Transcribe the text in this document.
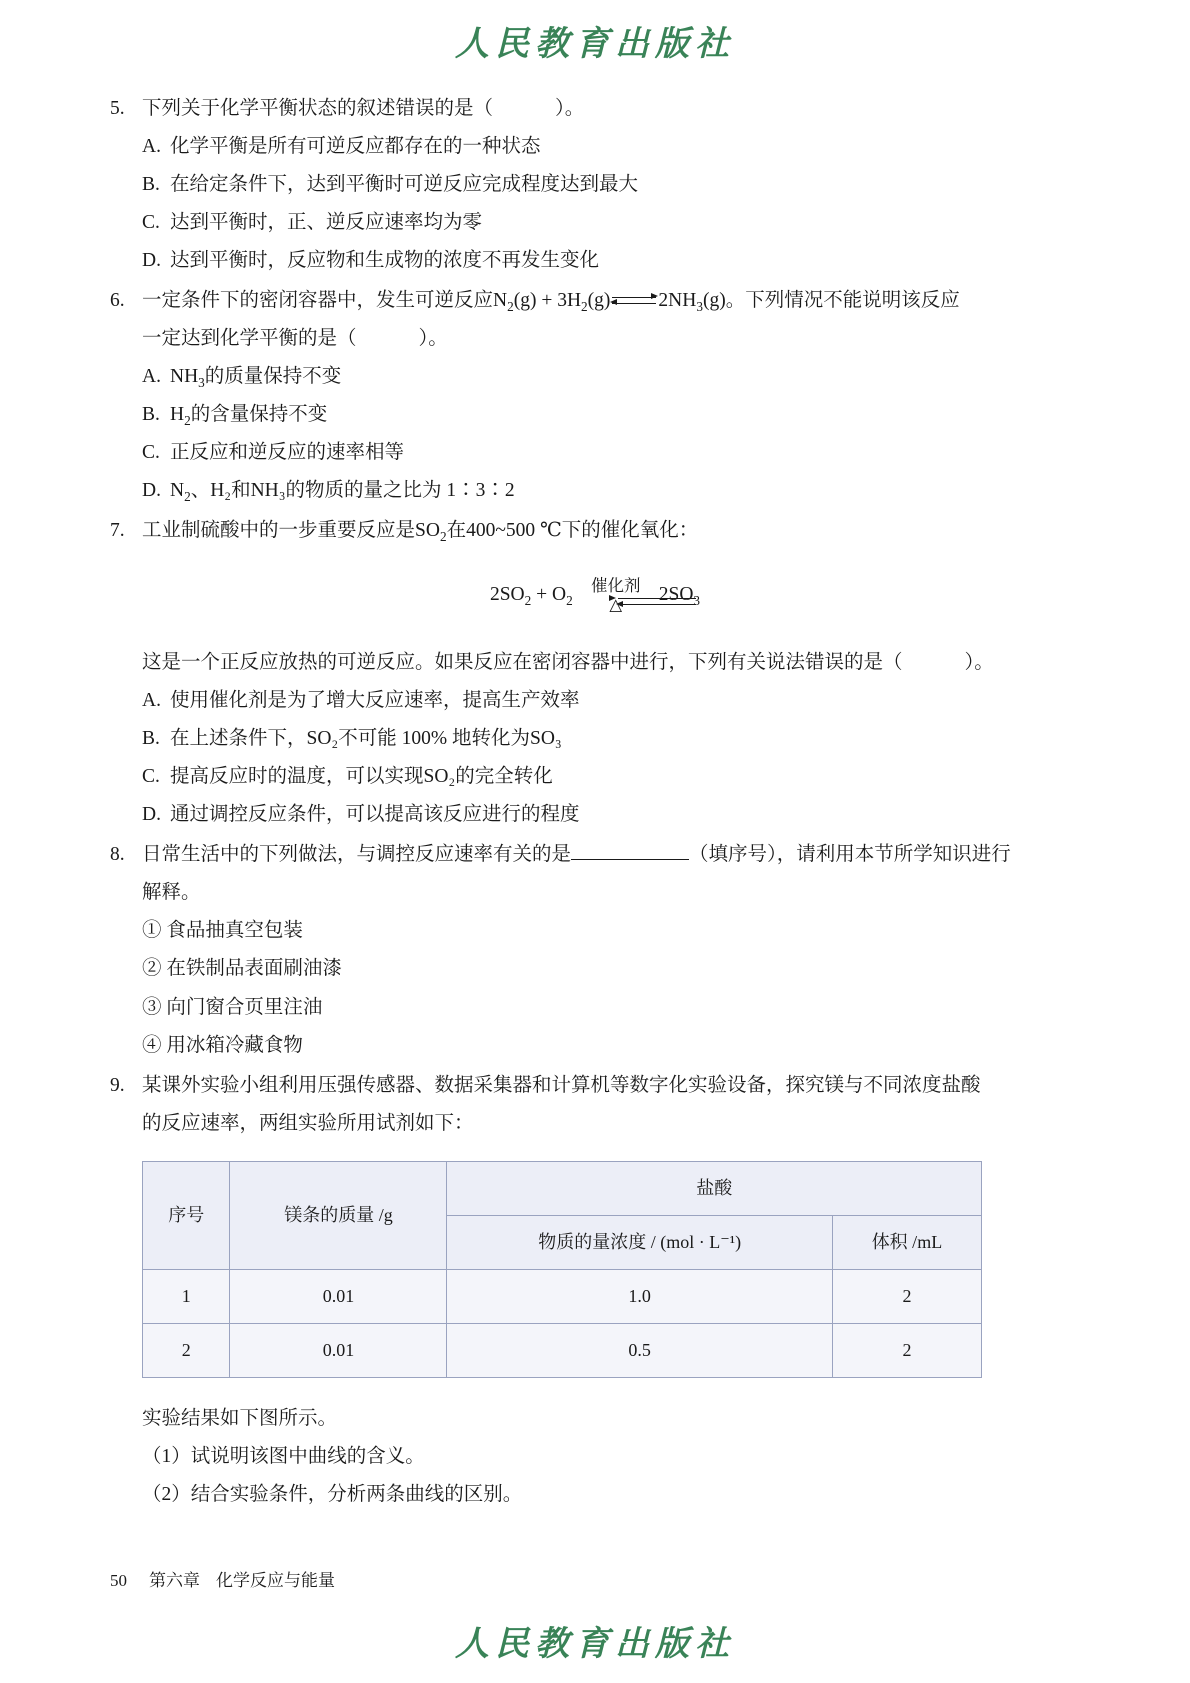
人民教育出版社
5. 下列关于化学平衡状态的叙述错误的是（	）。
A. 化学平衡是所有可逆反应都存在的一种状态
B. 在给定条件下，达到平衡时可逆反应完成程度达到最大
C. 达到平衡时，正、逆反应速率均为零
D. 达到平衡时，反应物和生成物的浓度不再发生变化
6. 一定条件下的密闭容器中，发生可逆反应$N_2(g) + 3H_2(g)$ $2NH_3(g)$。下列情况不能说明该反应
一定达到化学平衡的是（	）。
A. $NH_3$的质量保持不变
B. $H_2$的含量保持不变
C. 正反应和逆反应的速率相等
D. $N_2$、H₂和NH₃的物质的量之比为 1∶3∶2
7. 工业制硫酸中的一步重要反应是$SO_2$在400~500 ℃下的催化氧化：
$2SO_2 + O_2$
催化剂
△	$2SO_3$
这是一个正反应放热的可逆反应。如果反应在密闭容器中进行，下列有关说法错误的是（	）。
A. 使用催化剂是为了增大反应速率，提高生产效率
B. 在上述条件下，SO₂不可能 100% 地转化为SO₃
C. 提高反应时的温度，可以实现SO₂的完全转化
D. 通过调控反应条件，可以提高该反应进行的程度
8. 日常生活中的下列做法，与调控反应速率有关的是	（填序号），请利用本节所学知识进行
解释。
① 食品抽真空包装
② 在铁制品表面刷油漆
③ 向门窗合页里注油
④ 用冰箱冷藏食物
9. 某课外实验小组利用压强传感器、数据采集器和计算机等数字化实验设备，探究镁与不同浓度盐酸
的反应速率，两组实验所用试剂如下：
序号	镁条的质量 /g	盐酸	
		物质的量浓度 / (mol · L⁻¹)	体积 /mL
1	0.01	1.0	2
2	0.01	0.5	2
实验结果如下图所示。
（1）试说明该图中曲线的含义。
（2）结合实验条件，分析两条曲线的区别。
50 第六章 化学反应与能量
人民教育出版社
